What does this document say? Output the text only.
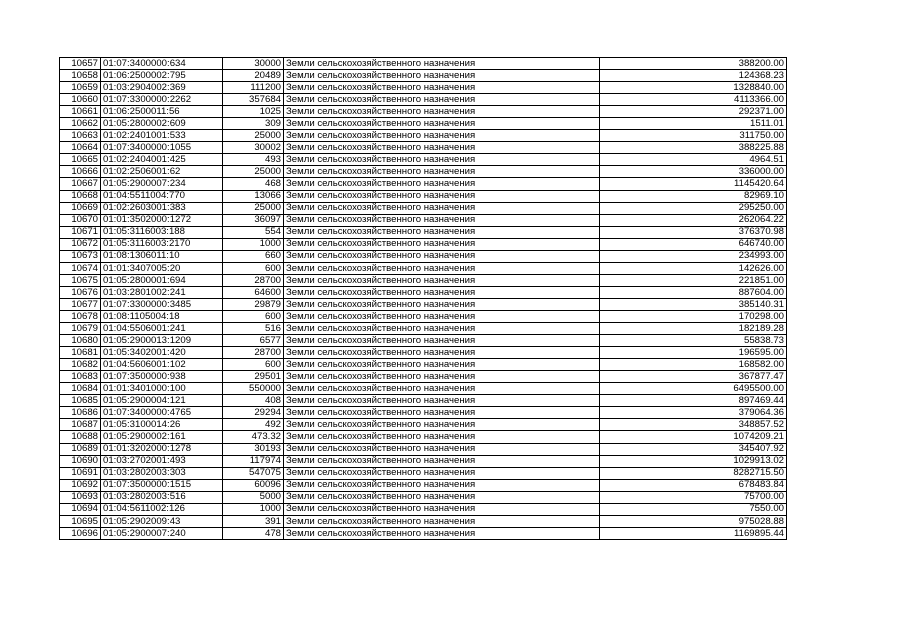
10657	01:07:3400000:634	30000	Земли сельскохозяйственного назначения	388200.00
10658	01:06:2500002:795	20489	Земли сельскохозяйственного назначения	124368.23
10659	01:03:2904002:369	111200	Земли сельскохозяйственного назначения	1328840.00
10660	01:07:3300000:2262	357684	Земли сельскохозяйственного назначения	4113366.00
10661	01:06:2500011:56	1025	Земли сельскохозяйственного назначения	292371.00
10662	01:05:2800002:609	309	Земли сельскохозяйственного назначения	1511.01
10663	01:02:2401001:533	25000	Земли сельскохозяйственного назначения	311750.00
10664	01:07:3400000:1055	30002	Земли сельскохозяйственного назначения	388225.88
10665	01:02:2404001:425	493	Земли сельскохозяйственного назначения	4964.51
10666	01:02:2506001:62	25000	Земли сельскохозяйственного назначения	336000.00
10667	01:05:2900007:234	468	Земли сельскохозяйственного назначения	1145420.64
10668	01:04:5511004:770	13066	Земли сельскохозяйственного назначения	82969.10
10669	01:02:2603001:383	25000	Земли сельскохозяйственного назначения	295250.00
10670	01:01:3502000:1272	36097	Земли сельскохозяйственного назначения	262064.22
10671	01:05:3116003:188	554	Земли сельскохозяйственного назначения	376370.98
10672	01:05:3116003:2170	1000	Земли сельскохозяйственного назначения	646740.00
10673	01:08:1306011:10	660	Земли сельскохозяйственного назначения	234993.00
10674	01:01:3407005:20	600	Земли сельскохозяйственного назначения	142626.00
10675	01:05:2800001:694	28700	Земли сельскохозяйственного назначения	221851.00
10676	01:03:2801002:241	64600	Земли сельскохозяйственного назначения	887604.00
10677	01:07:3300000:3485	29879	Земли сельскохозяйственного назначения	385140.31
10678	01:08:1105004:18	600	Земли сельскохозяйственного назначения	170298.00
10679	01:04:5506001:241	516	Земли сельскохозяйственного назначения	182189.28
10680	01:05:2900013:1209	6577	Земли сельскохозяйственного назначения	55838.73
10681	01:05:3402001:420	28700	Земли сельскохозяйственного назначения	196595.00
10682	01:04:5606001:102	600	Земли сельскохозяйственного назначения	168582.00
10683	01:07:3500000:938	29501	Земли сельскохозяйственного назначения	367877.47
10684	01:01:3401000:100	550000	Земли сельскохозяйственного назначения	6495500.00
10685	01:05:2900004:121	408	Земли сельскохозяйственного назначения	897469.44
10686	01:07:3400000:4765	29294	Земли сельскохозяйственного назначения	379064.36
10687	01:05:3100014:26	492	Земли сельскохозяйственного назначения	348857.52
10688	01:05:2900002:161	473.32	Земли сельскохозяйственного назначения	1074209.21
10689	01:01:3202000:1278	30193	Земли сельскохозяйственного назначения	345407.92
10690	01:03:2702001:493	117974	Земли сельскохозяйственного назначения	1029913.02
10691	01:03:2802003:303	547075	Земли сельскохозяйственного назначения	8282715.50
10692	01:07:3500000:1515	60096	Земли сельскохозяйственного назначения	678483.84
10693	01:03:2802003:516	5000	Земли сельскохозяйственного назначения	75700.00
10694	01:04:5611002:126	1000	Земли сельскохозяйственного назначения	7550.00
10695	01:05:2902009:43	391	Земли сельскохозяйственного назначения	975028.88
10696	01:05:2900007:240	478	Земли сельскохозяйственного назначения	1169895.44
